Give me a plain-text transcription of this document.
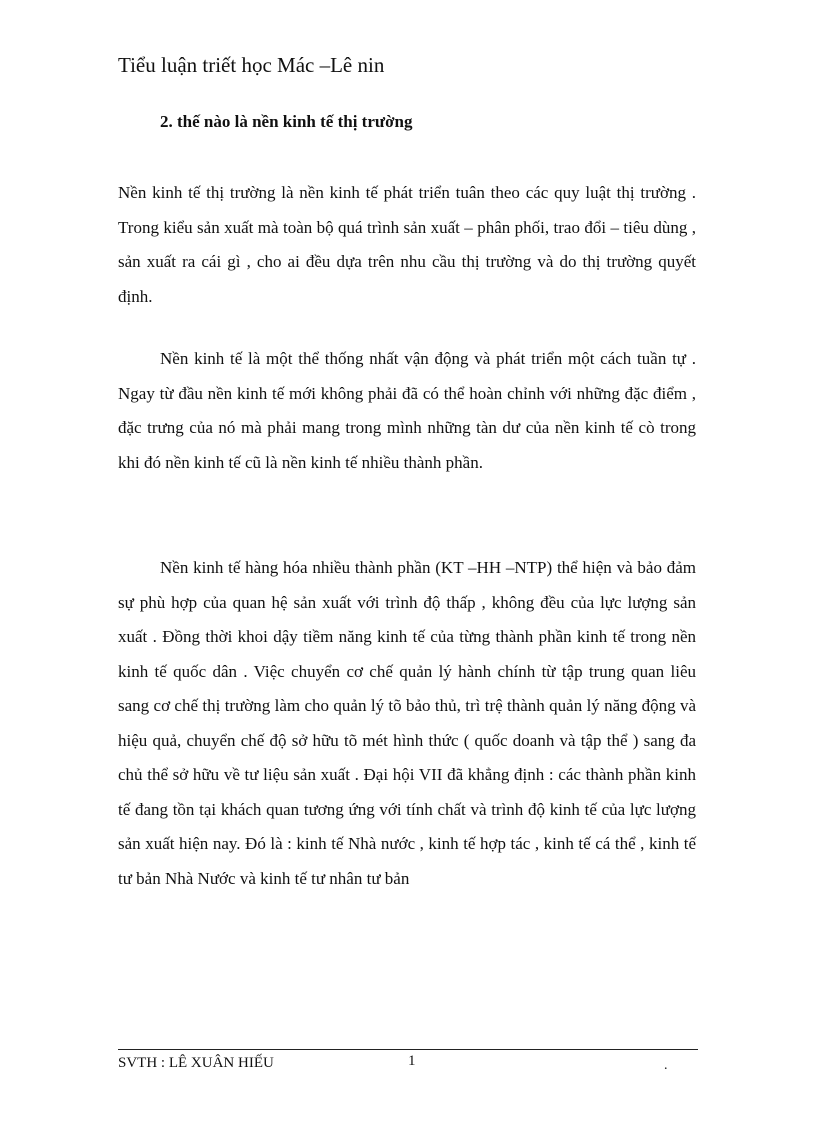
Tiểu luận triết học Mác –Lê nin
2. thế nào là nền kinh tế thị trường

Nền kinh tế thị trường là nền kinh tế phát triển tuân theo các quy luật thị trường . Trong kiểu sản xuất mà toàn bộ quá trình sản xuất – phân phối, trao đổi – tiêu dùng , sản xuất ra cái gì , cho ai đều dựa trên nhu cầu thị trường và do thị trường quyết định.

Nền kinh tế là một thể thống nhất vận động và phát triển một cách tuần tự . Ngay từ đầu nền kinh tế mới không phải đã có thể hoàn chỉnh với những đặc điểm , đặc trưng của nó mà phải mang trong mình những tàn dư của nền kinh tế cò trong khi đó nền kinh tế cũ là nền kinh tế nhiều thành phần.

Nền kinh tế hàng hóa nhiều thành phần (KT –HH –NTP) thể hiện và bảo đảm sự phù hợp của quan hệ sản xuất với trình độ thấp , không đều của lực lượng sản xuất . Đồng thời khoi dậy tiềm năng kinh tế của từng thành phần kinh tế trong nền kinh tế quốc dân . Việc chuyển cơ chế quản lý hành chính từ tập trung quan liêu sang cơ chế thị trường làm cho quản lý tõ bảo thủ, trì trệ thành quản lý năng động và hiệu quả, chuyển chế độ sở hữu tõ mét hình thức ( quốc doanh và tập thể ) sang đa chủ thể sở hữu về tư liệu sản xuất . Đại hội VII đã khẳng định : các thành phần kinh tế đang tồn tại khách quan tương ứng với tính chất và trình độ kinh tế của lực lượng sản xuất hiện nay. Đó là : kinh tế Nhà nước , kinh tế hợp tác , kinh tế cá thể , kinh tế tư bản Nhà Nước và kinh tế tư nhân tư bản

SVTH : LÊ XUÂN HIẾU	1	.
